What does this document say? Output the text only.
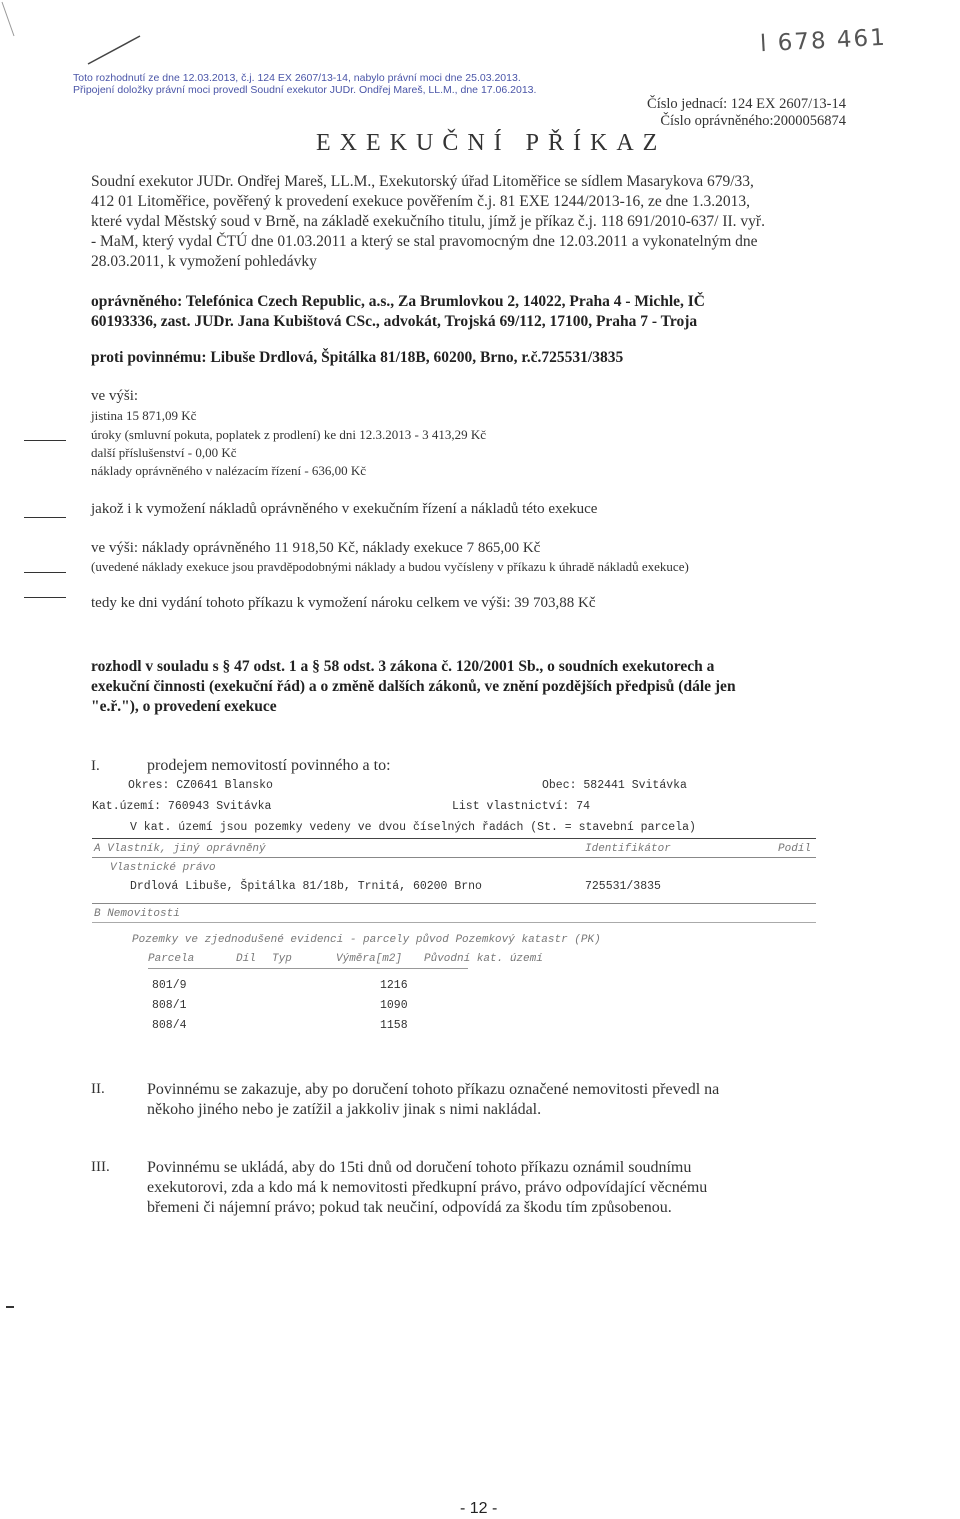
Toto rozhodnutí ze dne 12.03.2013, č.j. 124 EX 2607/13-14, nabylo právní moci dne 25.03.2013.
Připojení doložky právní moci provedl Soudní exekutor JUDr. Ondřej Mareš, LL.M., dne 17.06.2013.
l 678 461
Číslo jednací: 124 EX 2607/13-14
Číslo oprávněného:2000056874
EXEKUČNÍ PŘÍKAZ
Soudní exekutor JUDr. Ondřej Mareš, LL.M., Exekutorský úřad Litoměřice se sídlem Masarykova 679/33,
412 01 Litoměřice, pověřený k provedení exekuce pověřením č.j. 81 EXE 1244/2013-16, ze dne 1.3.2013,
které vydal Městský soud v Brně, na základě exekučního titulu, jímž je příkaz č.j. 118 691/2010-637/ II. vyř.
- MaM, který vydal ČTÚ dne 01.03.2011 a který se stal pravomocným dne 12.03.2011 a vykonatelným dne
28.03.2011, k vymožení pohledávky
oprávněného: Telefónica Czech Republic, a.s., Za Brumlovkou 2, 14022, Praha 4 - Michle, IČ
60193336, zast. JUDr. Jana Kubištová CSc., advokát, Trojská 69/112, 17100, Praha 7 - Troja
proti povinnému: Libuše Drdlová, Špitálka 81/18B, 60200, Brno, r.č.725531/3835
ve výši:
jistina 15 871,09 Kč
úroky (smluvní pokuta, poplatek z prodlení) ke dni 12.3.2013 - 3 413,29 Kč
další příslušenství - 0,00 Kč
náklady oprávněného v nalézacím řízení - 636,00 Kč
jakož i k vymožení nákladů oprávněného v exekučním řízení a nákladů této exekuce
ve výši: náklady oprávněného 11 918,50 Kč, náklady exekuce 7 865,00 Kč
(uvedené náklady exekuce jsou pravděpodobnými náklady a budou vyčísleny v příkazu k úhradě nákladů exekuce)
tedy ke dni vydání tohoto příkazu k vymožení nároku celkem ve výši: 39 703,88 Kč
rozhodl v souladu s § 47 odst. 1 a § 58 odst. 3 zákona č. 120/2001 Sb., o soudních exekutorech a
exekuční činnosti (exekuční řád) a o změně dalších zákonů, ve znění pozdějších předpisů (dále jen
"e.ř."), o provedení exekuce
I.	prodejem nemovitostí povinného a to:
Okres: CZ0641 Blansko	Obec: 582441 Svitávka
Kat.území: 760943 Svitávka	List vlastnictví: 74
V kat. území jsou pozemky vedeny ve dvou číselných řadách (St. = stavební parcela)
A Vlastník, jiný oprávněný	Identifikátor	Podíl
Vlastnické právo
Drdlová Libuše, Špitálka 81/18b, Trnitá, 60200 Brno	725531/3835
B Nemovitosti
Pozemky ve zjednodušené evidenci - parcely původ Pozemkový katastr (PK)
Parcela	Díl Typ	Výměra[m2] Původní kat. území
801/9	1216
808/1	1090
808/4	1158
II.	Povinnému se zakazuje, aby po doručení tohoto příkazu označené nemovitosti převedl na
někoho jiného nebo je zatížil a jakkoliv jinak s nimi nakládal.
III. Povinnému se ukládá, aby do 15ti dnů od doručení tohoto příkazu oznámil soudnímu
exekutorovi, zda a kdo má k nemovitosti předkupní právo, právo odpovídající věcnému
břemeni či nájemní právo; pokud tak neučiní, odpovídá za škodu tím způsobenou.
- 12 -
